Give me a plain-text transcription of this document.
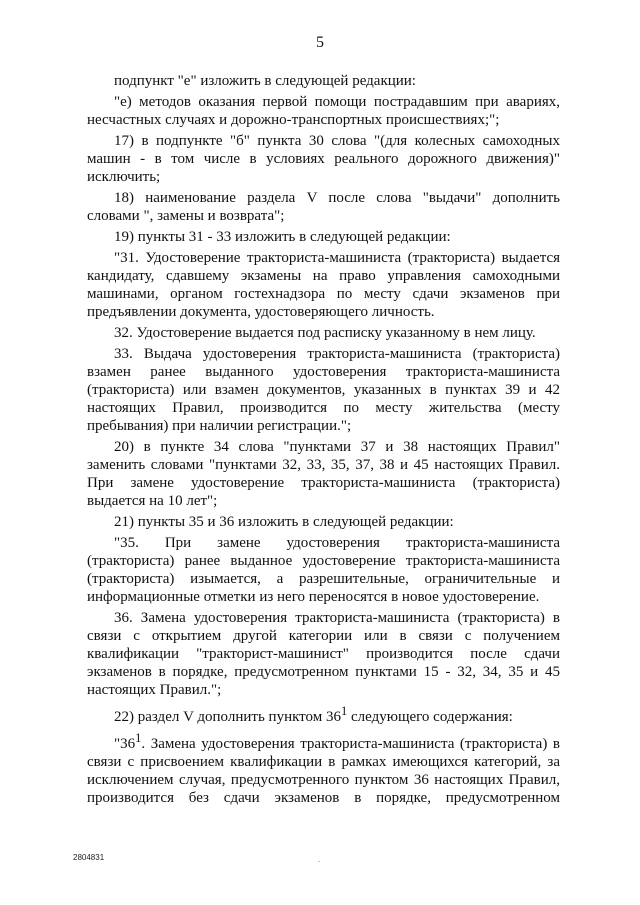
5

подпункт "е" изложить в следующей редакции:

"е) методов оказания первой помощи пострадавшим при авариях, несчастных случаях и дорожно-транспортных происшествиях;";

17) в подпункте "б" пункта 30 слова "(для колесных самоходных машин - в том числе в условиях реального дорожного движения)" исключить;

18) наименование раздела V после слова "выдачи" дополнить словами ", замены и возврата";

19) пункты 31 - 33 изложить в следующей редакции:

"31. Удостоверение тракториста-машиниста (тракториста) выдается кандидату, сдавшему экзамены на право управления самоходными машинами, органом гостехнадзора по месту сдачи экзаменов при предъявлении документа, удостоверяющего личность.

32. Удостоверение выдается под расписку указанному в нем лицу.

33. Выдача удостоверения тракториста-машиниста (тракториста) взамен ранее выданного удостоверения тракториста-машиниста (тракториста) или взамен документов, указанных в пунктах 39 и 42 настоящих Правил, производится по месту жительства (месту пребывания) при наличии регистрации.";

20) в пункте 34 слова "пунктами 37 и 38 настоящих Правил" заменить словами "пунктами 32, 33, 35, 37, 38 и 45 настоящих Правил. При замене удостоверение тракториста-машиниста (тракториста) выдается на 10 лет";

21) пункты 35 и 36 изложить в следующей редакции:

"35. При замене удостоверения тракториста-машиниста (тракториста) ранее выданное удостоверение тракториста-машиниста (тракториста) изымается, а разрешительные, ограничительные и информационные отметки из него переносятся в новое удостоверение.

36. Замена удостоверения тракториста-машиниста (тракториста) в связи с открытием другой категории или в связи с получением квалификации "тракторист-машинист" производится после сдачи экзаменов в порядке, предусмотренном пунктами 15 - 32, 34, 35 и 45 настоящих Правил.";

22) раздел V дополнить пунктом $36^1$ следующего содержания:

"$36^1$. Замена удостоверения тракториста-машиниста (тракториста) в связи с присвоением квалификации в рамках имеющихся категорий, за исключением случая, предусмотренного пунктом 36 настоящих Правил, производится без сдачи экзаменов в порядке, предусмотренном

2804831	.
